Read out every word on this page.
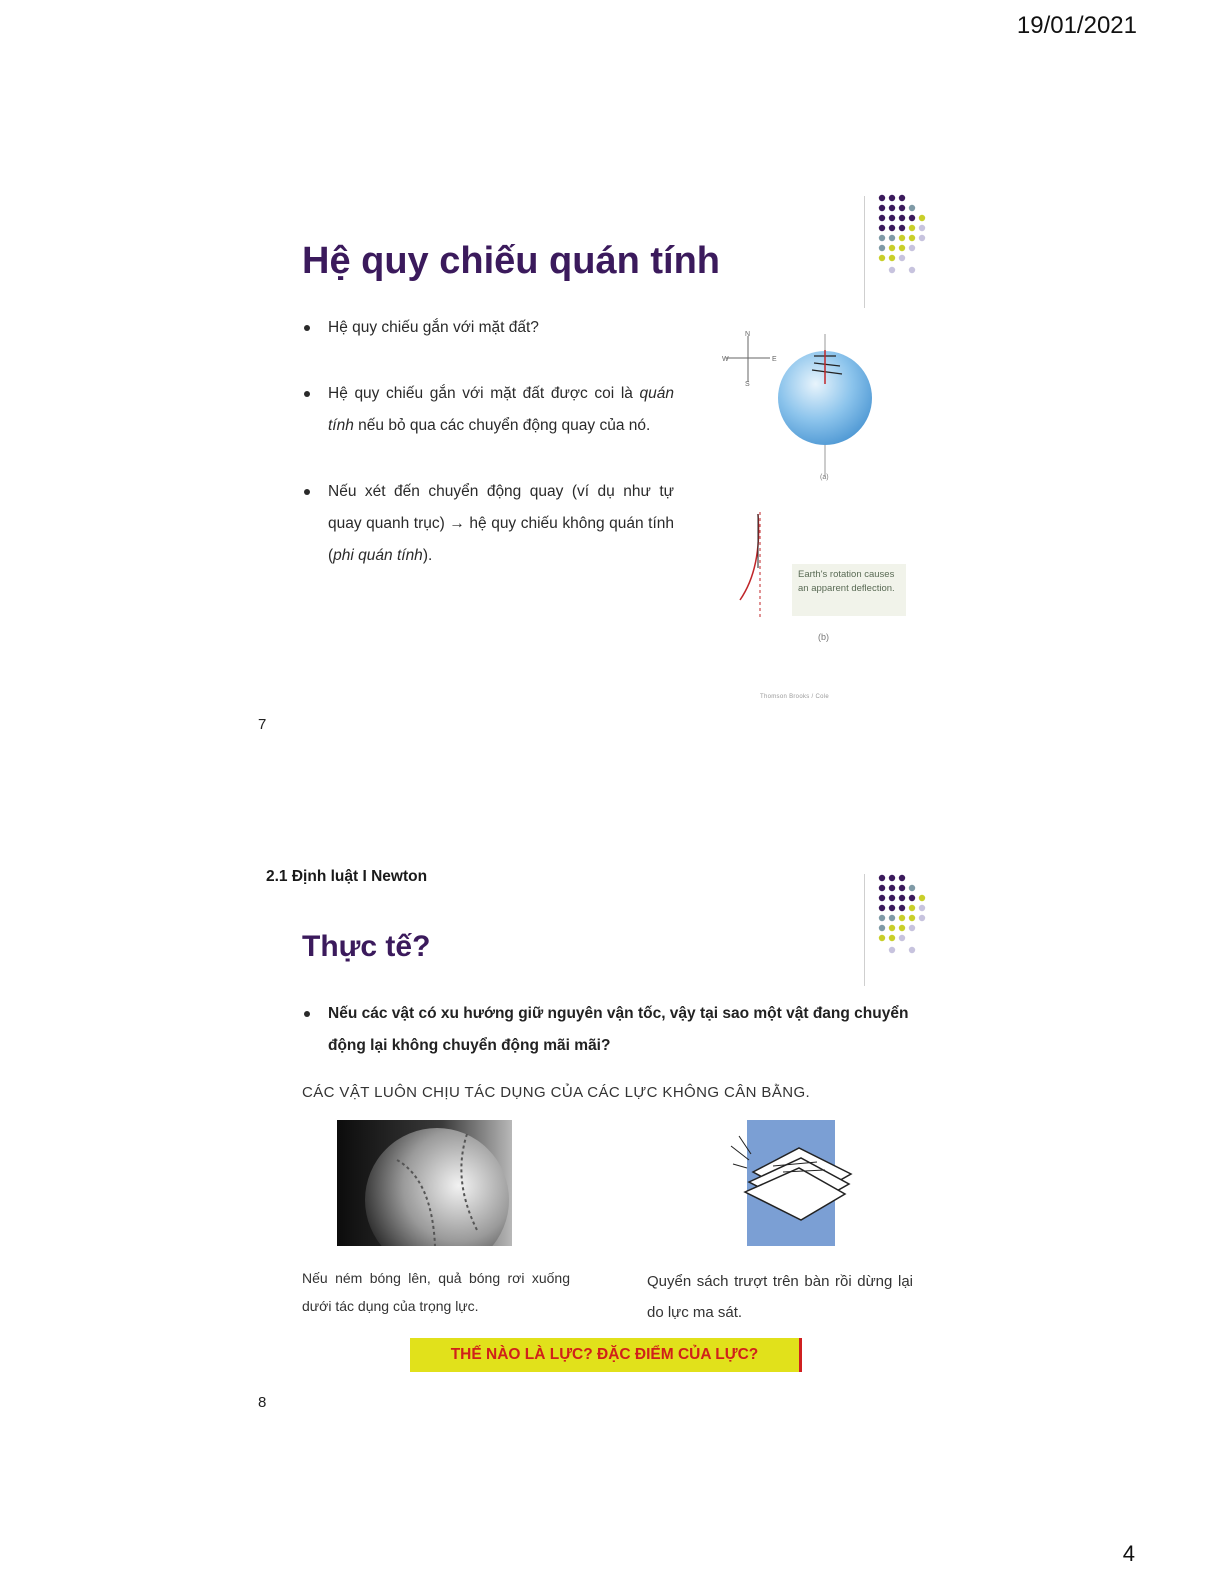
19/01/2021
4
Hệ quy chiếu quán tính
Hệ quy chiếu gắn với mặt đất?
Hệ quy chiếu gắn với mặt đất được coi là quán tính nếu bỏ qua các chuyển động quay của nó.
Nếu xét đến chuyển động quay (ví dụ như tự quay quanh trục) → hệ quy chiếu không quán tính (phi quán tính).
N
S
W	E
(a)
Earth's rotation causes an apparent deflection.
(b)
Thomson Brooks / Cole
7
2.1 Định luật I Newton
Thực tế?
Nếu các vật có xu hướng giữ nguyên vận tốc, vậy tại sao một vật đang chuyển động lại không chuyển động mãi mãi?
CÁC VẬT LUÔN CHỊU TÁC DỤNG CỦA CÁC LỰC KHÔNG CÂN BẰNG.
Nếu ném bóng lên, quả bóng rơi xuống dưới tác dụng của trọng lực.
Quyển sách trượt trên bàn rồi dừng lại do lực ma sát.
THẾ NÀO LÀ LỰC? ĐẶC ĐIỂM CỦA LỰC?
8
